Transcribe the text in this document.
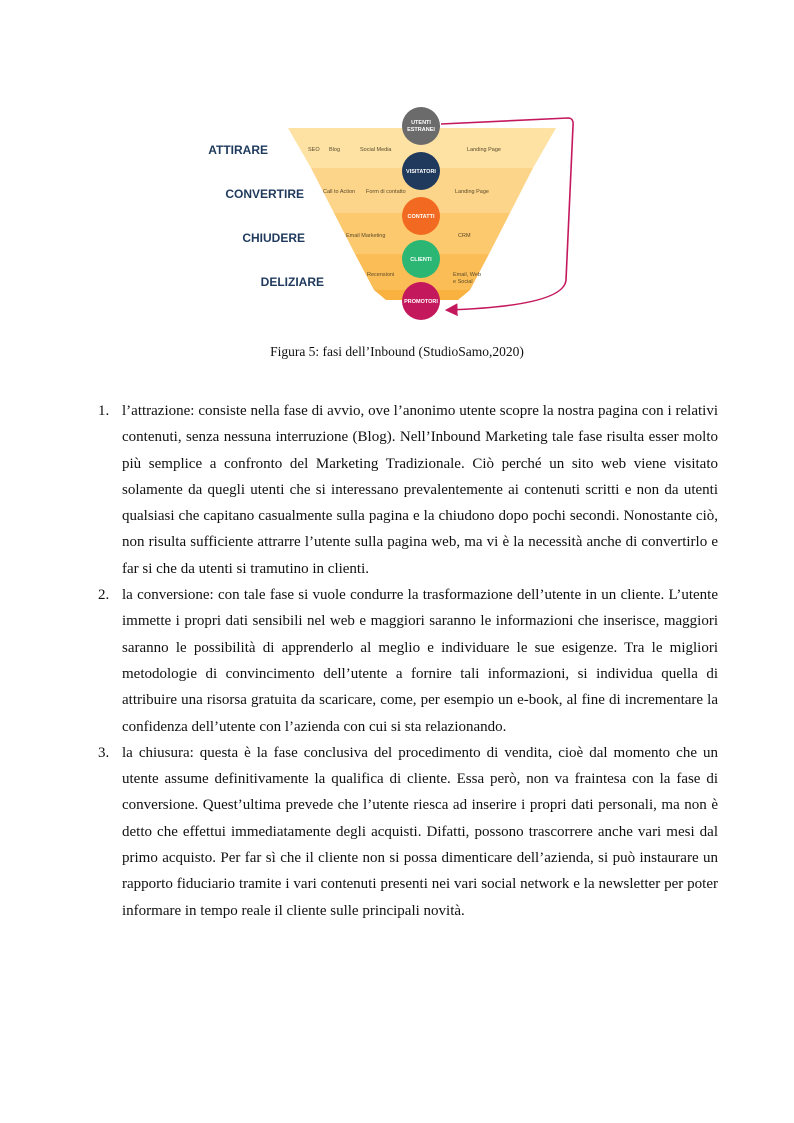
ATTIRARE
CONVERTIRE
CHIUDERE
DELIZIARE
SEO Blog	Social Media	Landing Page
Call to Action Form di contatto	Landing Page
Email Marketing	CRM
Recensioni	Email, Web
e Social
UTENTI
ESTRANEI
VISITATORI
CONTATTI
CLIENTI
PROMOTORI
Figura 5: fasi dell’Inbound (StudioSamo,2020)
1. l’attrazione: consiste nella fase di avvio, ove l’anonimo utente scopre la nostra pagina con i relativi contenuti, senza nessuna interruzione (Blog). Nell’Inbound Marketing tale fase risulta esser molto più semplice a confronto del Marketing Tradizionale. Ciò perché un sito web viene visitato solamente da quegli utenti che si interessano prevalentemente ai contenuti scritti e non da utenti qualsiasi che capitano casualmente sulla pagina e la chiudono dopo pochi secondi. Nonostante ciò, non risulta sufficiente attrarre l’utente sulla pagina web, ma vi è la necessità anche di convertirlo e far si che da utenti si tramutino in clienti.
2. la conversione: con tale fase si vuole condurre la trasformazione dell’utente in un cliente. L’utente immette i propri dati sensibili nel web e maggiori saranno le informazioni che inserisce, maggiori saranno le possibilità di apprenderlo al meglio e individuare le sue esigenze. Tra le migliori metodologie di convincimento dell’utente a fornire tali informazioni, si individua quella di attribuire una risorsa gratuita da scaricare, come, per esempio un e-book, al fine di incrementare la confidenza dell’utente con l’azienda con cui si sta relazionando.
3. la chiusura: questa è la fase conclusiva del procedimento di vendita, cioè dal momento che un utente assume definitivamente la qualifica di cliente. Essa però, non va fraintesa con la fase di conversione. Quest’ultima prevede che l’utente riesca ad inserire i propri dati personali, ma non è detto che effettui immediatamente degli acquisti. Difatti, possono trascorrere anche vari mesi dal primo acquisto. Per far sì che il cliente non si possa dimenticare dell’azienda, si può instaurare un rapporto fiduciario tramite i vari contenuti presenti nei vari social network e la newsletter per poter informare in tempo reale il cliente sulle principali novità.
